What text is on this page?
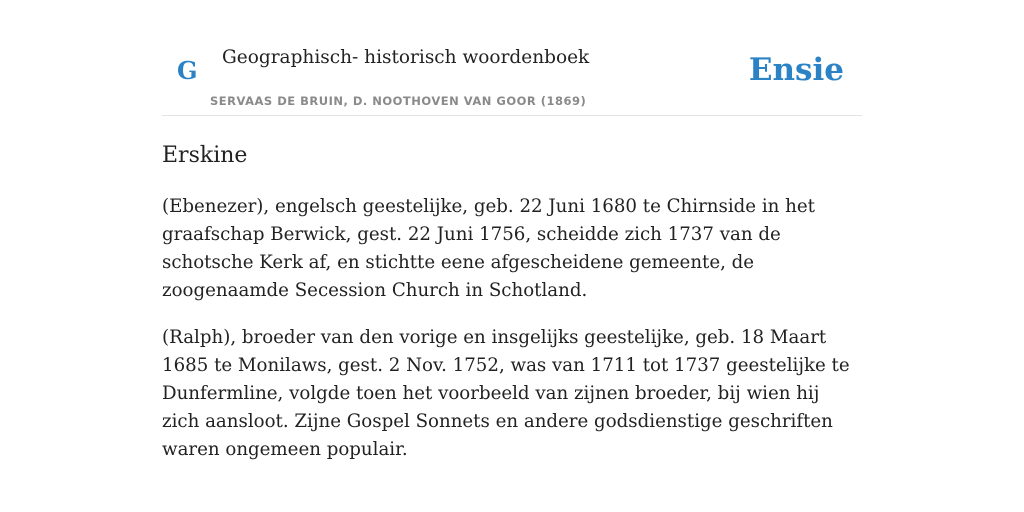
G Geographisch- historisch woordenboek
SERVAAS DE BRUIN, D. NOOTHOVEN VAN GOOR (1869)
Ensie
Erskine

(Ebenezer), engelsch geestelijke, geb. 22 Juni 1680 te Chirnside in het graafschap Berwick, gest. 22 Juni 1756, scheidde zich 1737 van de schotsche Kerk af, en stichtte eene afgescheidene gemeente, de zoogenaamde Secession Church in Schotland.

(Ralph), broeder van den vorige en insgelijks geestelijke, geb. 18 Maart 1685 te Monilaws, gest. 2 Nov. 1752, was van 1711 tot 1737 geestelijke te Dunfermline, volgde toen het voorbeeld van zijnen broeder, bij wien hij zich aansloot. Zijne Gospel Sonnets en andere godsdienstige geschriften waren ongemeen populair.
